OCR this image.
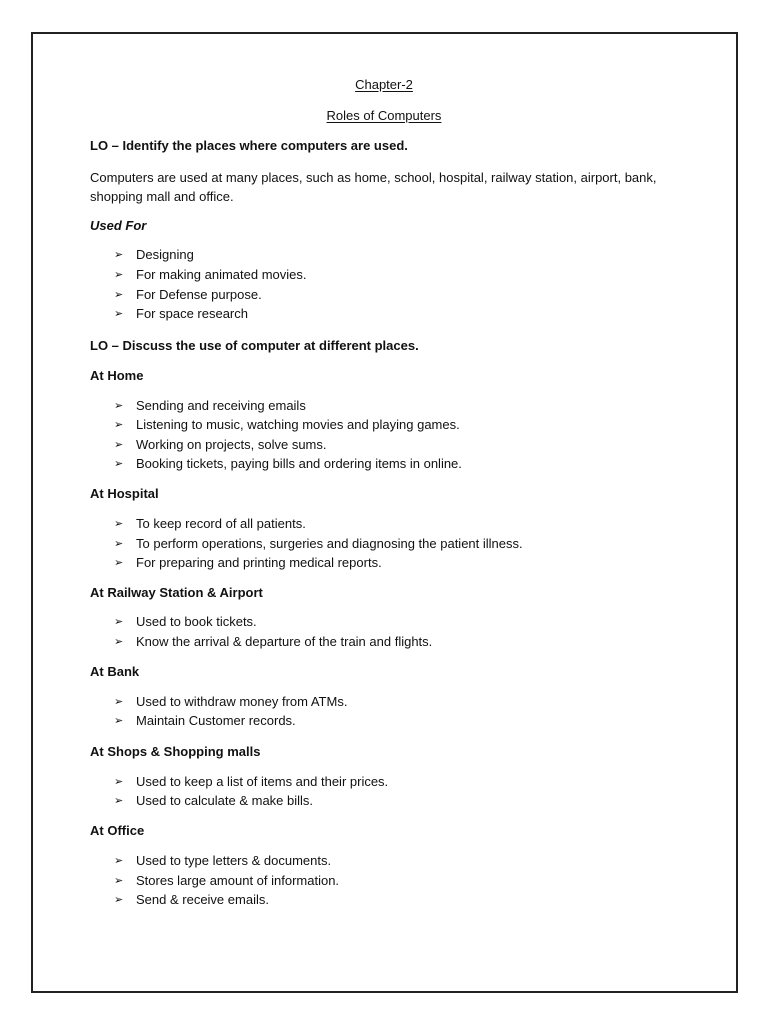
Chapter-2
Roles of Computers
LO – Identify the places where computers are used.
Computers are used at many places, such as home, school, hospital, railway station, airport, bank, shopping mall and office.
Used For
➢ Designing
➢ For making animated movies.
➢ For Defense purpose.
➢ For space research
LO – Discuss the use of computer at different places.
At Home
➢ Sending and receiving emails
➢ Listening to music, watching movies and playing games.
➢ Working on projects, solve sums.
➢ Booking tickets, paying bills and ordering items in online.
At Hospital
➢ To keep record of all patients.
➢ To perform operations, surgeries and diagnosing the patient illness.
➢ For preparing and printing medical reports.
At Railway Station & Airport
➢ Used to book tickets.
➢ Know the arrival & departure of the train and flights.
At Bank
➢ Used to withdraw money from ATMs.
➢ Maintain Customer records.
At Shops & Shopping malls
➢ Used to keep a list of items and their prices.
➢ Used to calculate & make bills.
At Office
➢ Used to type letters & documents.
➢ Stores large amount of information.
➢ Send & receive emails.
